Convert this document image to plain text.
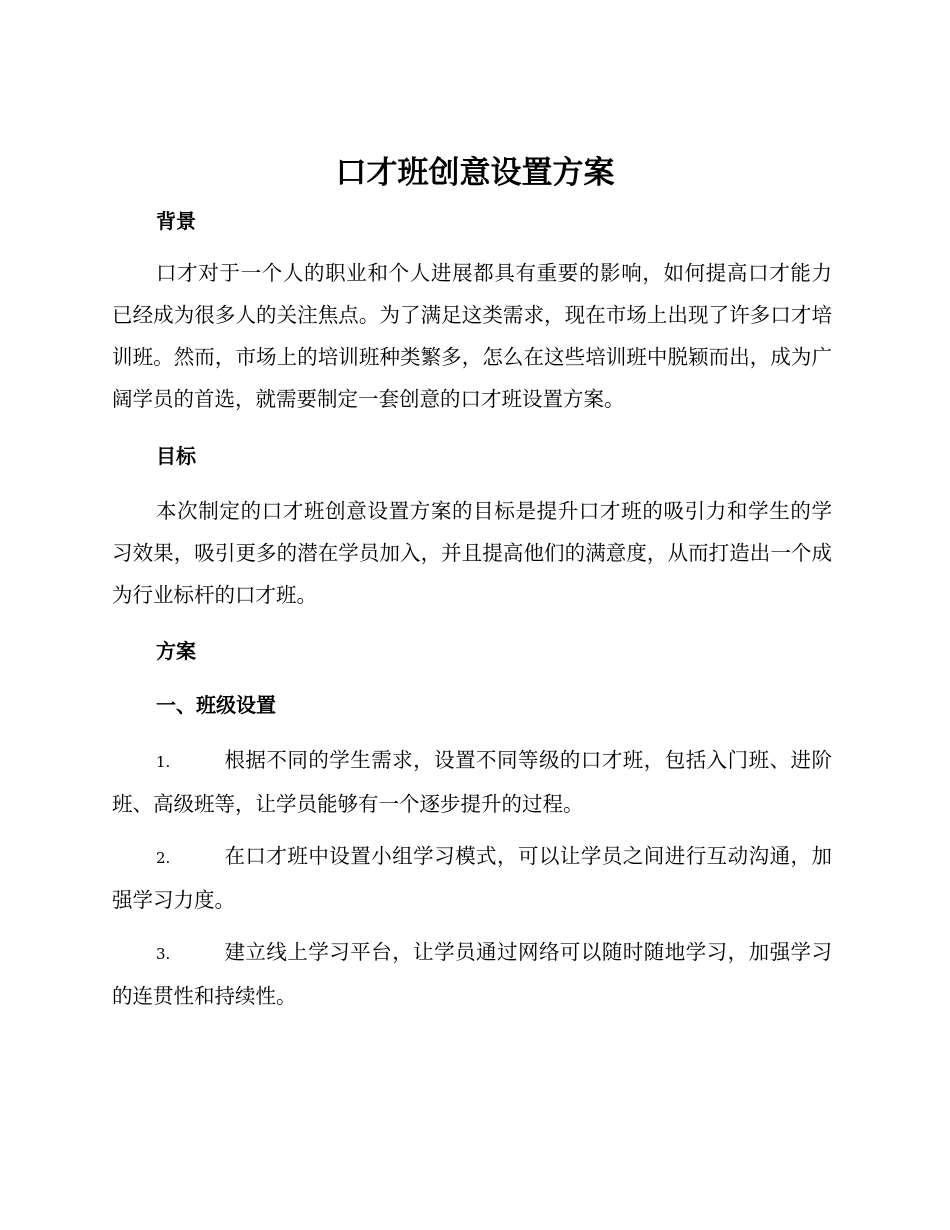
口才班创意设置方案
背景

口才对于一个人的职业和个人进展都具有重要的影响，如何提高口才能力已经成为很多人的关注焦点。为了满足这类需求，现在市场上出现了许多口才培训班。然而，市场上的培训班种类繁多，怎么在这些培训班中脱颖而出，成为广阔学员的首选，就需要制定一套创意的口才班设置方案。

目标

本次制定的口才班创意设置方案的目标是提升口才班的吸引力和学生的学习效果，吸引更多的潜在学员加入，并且提高他们的满意度，从而打造出一个成为行业标杆的口才班。

方案
一、班级设置

1.	根据不同的学生需求，设置不同等级的口才班，包括入门班、进阶班、高级班等，让学员能够有一个逐步提升的过程。

2.	在口才班中设置小组学习模式，可以让学员之间进行互动沟通，加强学习力度。

3.	建立线上学习平台，让学员通过网络可以随时随地学习，加强学习的连贯性和持续性。
